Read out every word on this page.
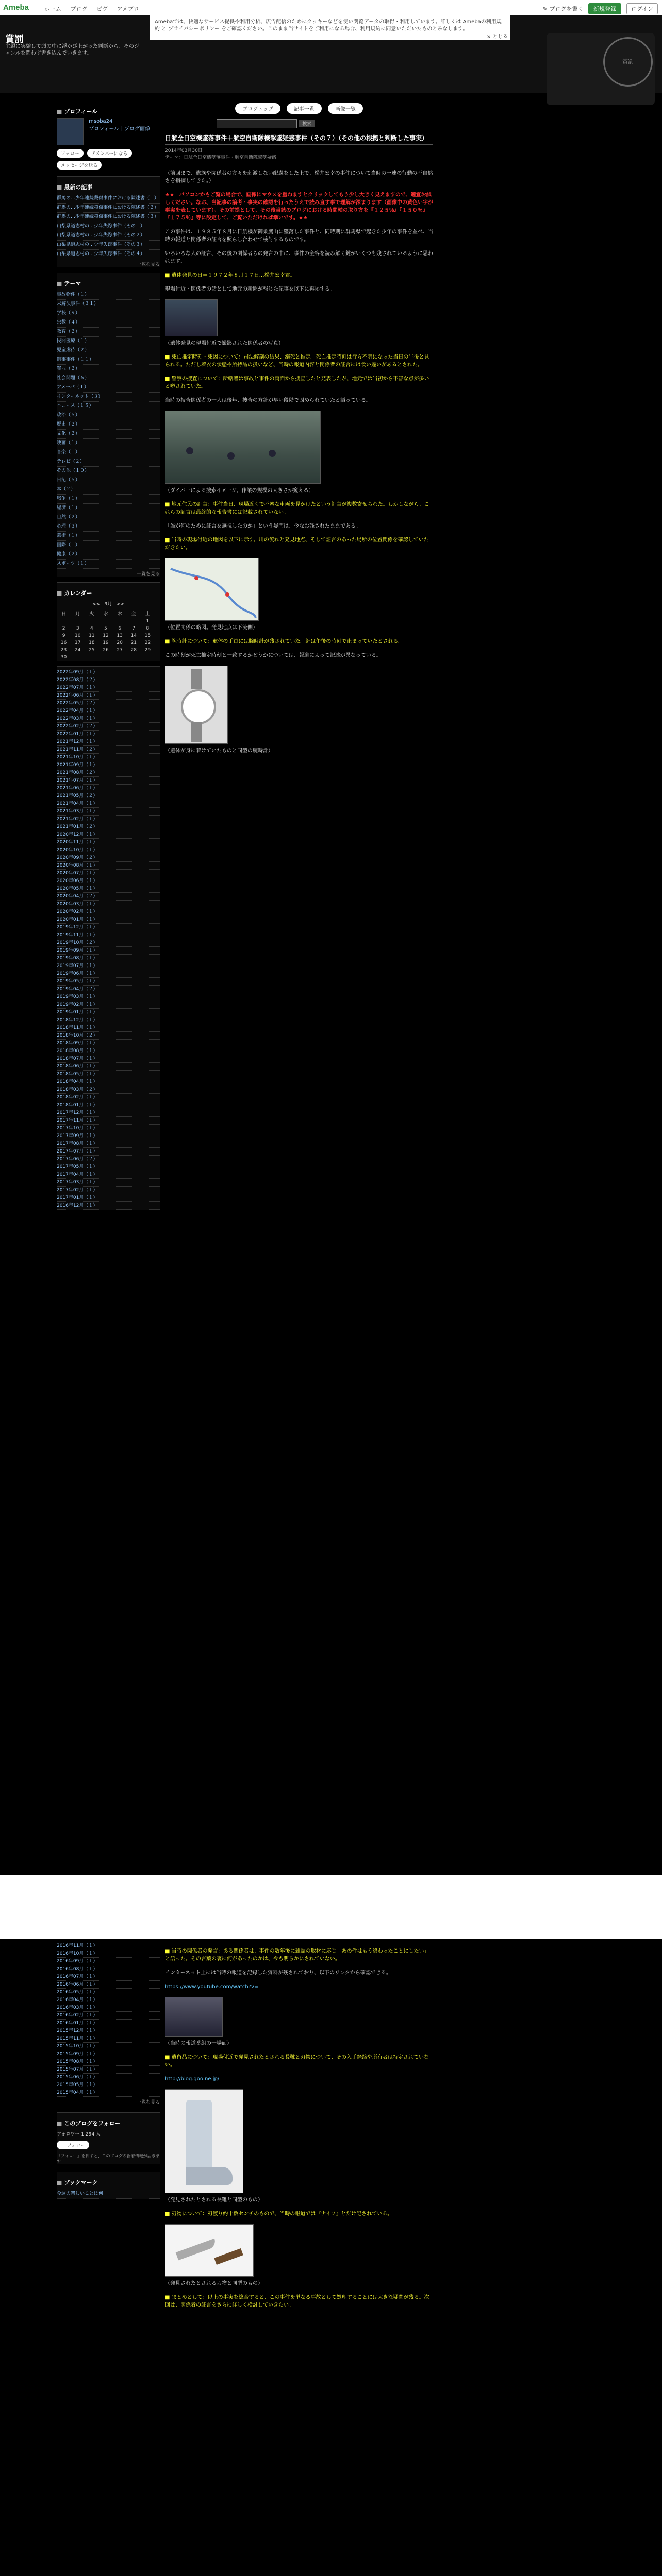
Ameba	ホーム ブログ ピグ アメブロ	✎ ブログを書く 新規登録	ログイン
賞罰
賞罰
主題に実験して頭の中に浮かび上がった判断から、そのジャンルを問わず書き込んでいきます。
Amebaでは、快適なサービス提供や利用分析、広告配信のためにクッキーなどを使い閲覧データの取得・利用しています。詳しくは Amebaの利用規約 と プライバシーポリシー をご確認ください。このまま当サイトをご利用になる場合、利用規約に同意いただいたものとみなします。
× とじる
■ プロフィール

msoba24
プロフィール｜ブログ画像
フォロー	アメンバーになる メッセージを送る
■ 最新の記事
群馬の…少年連続殺傷事件における陳述書（１）
群馬の…少年連続殺傷事件における陳述書（２）
群馬の…少年連続殺傷事件における陳述書（３）
山梨県道志村の…少年失踪事件（その１）
山梨県道志村の…少年失踪事件（その２）
山梨県道志村の…少年失踪事件（その３）
山梨県道志村の…少年失踪事件（その４）
一覧を見る
■ テーマ
事故物件（１）
未解決事件（３１）
学校（９）
宗教（４）
教育（２）
民間医療（１）
児童虐待（２）
刑事事件（１１）
冤罪（２）
社会問題（６）
アメーバ（１）
インターネット（３）
ニュース（１５）
政治（５）
歴史（２）
文化（２）
映画（１）
音楽（１）
テレビ（２）
その他（１０）
日記（５）
本（２）
戦争（１）
経済（１）
自然（２）
心理（３）
芸術（１）
国際（１）
健康（２）
スポーツ（１）
一覧を見る
■ カレンダー
<< 9月 >>
日	月	火	水	木	金	土
						1
2	3	4	5	6	7	8
9	10	11	12	13	14	15
16	17	18	19	20	21	22
23	24	25	26	27	28	29
30						
2022年09月（１）
2022年08月（２）
2022年07月（１）
2022年06月（１）
2022年05月（２）
2022年04月（１）
2022年03月（１）
2022年02月（２）
2022年01月（１）
2021年12月（１）
2021年11月（２）
2021年10月（１）
2021年09月（１）
2021年08月（２）
2021年07月（１）
2021年06月（１）
2021年05月（２）
2021年04月（１）
2021年03月（１）
2021年02月（１）
2021年01月（２）
2020年12月（１）
2020年11月（１）
2020年10月（１）
2020年09月（２）
2020年08月（１）
2020年07月（１）
2020年06月（１）
2020年05月（１）
2020年04月（２）
2020年03月（１）
2020年02月（１）
2020年01月（１）
2019年12月（１）
2019年11月（１）
2019年10月（２）
2019年09月（１）
2019年08月（１）
2019年07月（１）
2019年06月（１）
2019年05月（１）
2019年04月（２）
2019年03月（１）
2019年02月（１）
2019年01月（１）
2018年12月（１）
2018年11月（１）
2018年10月（２）
2018年09月（１）
2018年08月（１）
2018年07月（１）
2018年06月（１）
2018年05月（１）
2018年04月（１）
2018年03月（２）
2018年02月（１）
2018年01月（１）
2017年12月（１）
2017年11月（１）
2017年10月（１）
2017年09月（１）
2017年08月（１）
2017年07月（１）
2017年06月（２）
2017年05月（１）
2017年04月（１）
2017年03月（１）
2017年02月（１）
2017年01月（１）
2016年12月（１）
ブログトップ	記事一覧	画像一覧
検索
日航全日空機墜落事件＋航空自衛隊機撃墜疑惑事件（その７）（その他の根拠と判断した事実）
2014年03月30日
テーマ：日航全日空機墜落事件・航空自衛隊撃墜疑惑

（前回まで、遺族や関係者の方々を刺激しない配慮をした上で、松井宏幸の事件について当時の一連の行動の不自然さを指摘してきた。）

★★　パソコンかもご覧の場合で、画像にマウスを重ねますとクリックしてもう少し大きく見えますので、適宜お試しください。なお、当記事の論考・事実の確認を行ったうえで読み直す事で理解が深まります（画像中の黄色い字が事実を表しています）。その前提として、その後当該のブログにおける時間軸の取り方を『１２５％』『１５０％』『１７５％』等に設定して、ご覧いただければ幸いです。★★

この事件は、１９８５年８月に日航機が御巣鷹山に墜落した事件と、同時期に群馬県で起きた少年の事件を並べ、当時の報道と関係者の証言を照らし合わせて検討するものです。

いろいろな人の証言、その後の関係者らの発言の中に、事件の全容を読み解く鍵がいくつも残されているように思われます。

■ 遺体発見の日＝１９７２年８月１７日…松井宏幸君。

現場付近・関係者の話として地元の新聞が報じた記事を以下に再掲する。

（遺体発見の現場付近で撮影された関係者の写真）

■ 死亡推定時刻・死因について：司法解剖の結果、溺死と推定。死亡推定時刻は行方不明になった当日の午後と見られる。ただし着衣の状態や所持品の扱いなど、当時の報道内容と関係者の証言には食い違いがあるとされた。

■ 警察の捜査について：所轄署は事故と事件の両面から捜査したと発表したが、地元では当初から不審な点が多いと噂されていた。

当時の捜査関係者の一人は後年、捜査の方針が早い段階で固められていたと語っている。

（ダイバーによる捜索イメージ。作業の規模の大きさが窺える）

■ 地元住民の証言：事件当日、現場近くで不審な車両を見かけたという証言が複数寄せられた。しかしながら、これらの証言は最終的な報告書には記載されていない。

「誰が何のために証言を無視したのか」という疑問は、今なお残されたままである。

■ 当時の現場付近の地図を以下に示す。川の流れと発見地点、そして証言のあった場所の位置関係を確認していただきたい。

（位置関係の略図。発見地点は下流側）

■ 腕時計について：遺体の手首には腕時計が残されていた。針は午後の時刻で止まっていたとされる。

この時刻が死亡推定時刻と一致するかどうかについては、報道によって記述が異なっている。

（遺体が身に着けていたものと同型の腕時計）

2016年11月（１）
2016年10月（１）
2016年09月（１）
2016年08月（１）
2016年07月（１）
2016年06月（１）
2016年05月（１）
2016年04月（１）
2016年03月（１）
2016年02月（１）
2016年01月（１）
2015年12月（１）
2015年11月（１）
2015年10月（１）
2015年09月（１）
2015年08月（１）
2015年07月（１）
2015年06月（１）
2015年05月（１）
2015年04月（１）
一覧を見る
■ このブログをフォロー
フォロワー 1,294 人
＋ フォロー
「フォロー」を押すと、このブログの新着情報が届きます
■ ブックマーク
今週の楽しいことは何

■ 当時の関係者の発言：ある関係者は、事件の数年後に雑誌の取材に応じ「あの件はもう終わったことにしたい」と語った。その言葉の裏に何があったのかは、今も明らかにされていない。

インターネット上には当時の報道を記録した資料が残されており、以下のリンクから確認できる。

https://www.youtube.com/watch?v=

（当時の報道番組の一場面）

■ 遺留品について：現場付近で発見されたとされる長靴と刃物について、その入手経路や所有者は特定されていない。

http://blog.goo.ne.jp/

（発見されたとされる長靴と同型のもの）

■ 刃物について：刃渡り約十数センチのもので、当時の報道では『ナイフ』とだけ記されている。

（発見されたとされる刃物と同型のもの）

■ まとめとして：以上の事実を総合すると、この事件を単なる事故として処理することには大きな疑問が残る。次回は、関係者の証言をさらに詳しく検討していきたい。
